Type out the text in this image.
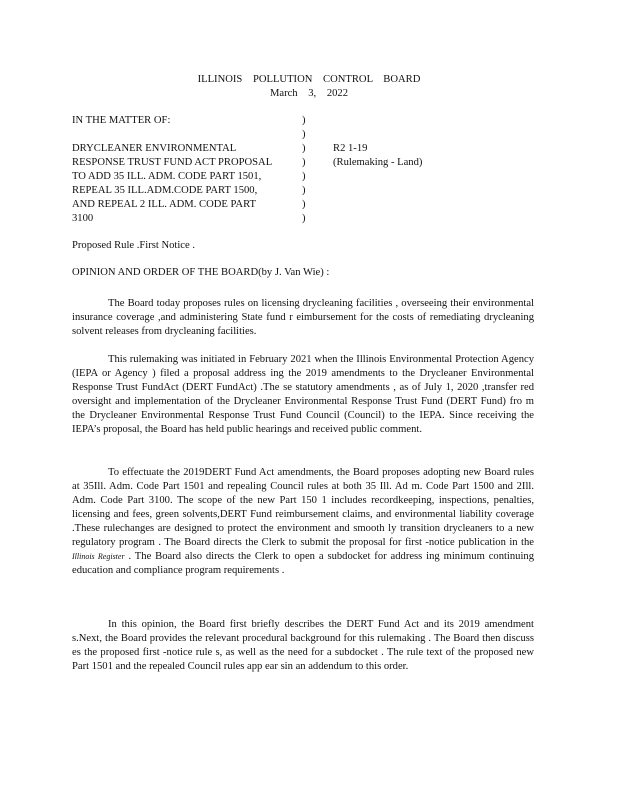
ILLINOIS POLLUTION CONTROL BOARD
March 3, 2022
IN THE MATTER OF:
DRYCLEANER ENVIRONMENTAL
RESPONSE TRUST FUND ACT PROPOSAL
TO ADD 35 ILL. ADM. CODE PART 1501,
REPEAL 35 ILL.ADM.CODE PART 1500,
AND REPEAL 2 ILL. ADM. CODE PART
3100
)
)
)
)
)
)
)
)
R2 1-19
(Rulemaking - Land)
Proposed Rule .First Notice .
OPINION AND ORDER OF THE BOARD(by J. Van Wie) :
The Board today proposes rules on licensing drycleaning facilities , overseeing their environmental insurance coverage ,and administering State fund r eimbursement for the costs of remediating drycleaning solvent releases from drycleaning facilities.
This rulemaking was initiated in February 2021 when the Illinois Environmental Protection Agency (IEPA or Agency ) filed a proposal address ing the 2019 amendments to the Drycleaner Environmental Response Trust FundAct (DERT FundAct) .The se statutory amendments , as of July 1, 2020 ,transfer red oversight and implementation of the Drycleaner Environmental Response Trust Fund (DERT Fund) fro m the Drycleaner Environmental Response Trust Fund Council (Council) to the IEPA. Since receiving the IEPA’s proposal, the Board has held public hearings and received public comment.
To effectuate the 2019DERT Fund Act amendments, the Board proposes adopting new Board rules at 35Ill. Adm. Code Part 1501 and repealing Council rules at both 35 Ill. Ad m. Code Part 1500 and 2Ill. Adm. Code Part 3100. The scope of the new Part 150 1 includes recordkeeping, inspections, penalties, licensing and fees, green solvents,DERT Fund reimbursement claims, and environmental liability coverage .These rulechanges are designed to protect the environment and smooth ly transition drycleaners to a new regulatory program . The Board directs the Clerk to submit the proposal for first -notice publication in the Illinois Register . The Board also directs the Clerk to open a subdocket for address ing minimum continuing education and compliance program requirements .
In this opinion, the Board first briefly describes the DERT Fund Act and its 2019 amendment s.Next, the Board provides the relevant procedural background for this rulemaking . The Board then discuss es the proposed first -notice rule s, as well as the need for a subdocket . The rule text of the proposed new Part 1501 and the repealed Council rules app ear sin an addendum to this order.
